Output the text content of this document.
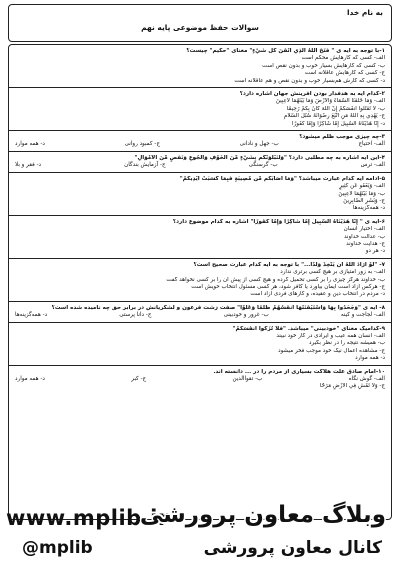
به نام خدا
سوالات حفظ موضوعی پایه نهم
۱-با توجه به آیه ی " فَتَحَ اللَّهُ الَّذِي أَتْقَنَ كُلَّ شَيْءٍ" معنای "حکیم" چیست؟
الف- کسی که کارهایش محکم است
ب- کسی که کارهایش بسیار خوب و بدون نقص است
ج- کسی که کارهایش عاقلانه است
د- کسی که کارش هم‌بسیار خوب و بدون نقص و هم عاقلانه است
۲-کدام آیه به هدفدار بودن آفرینش جهان اشاره دارد؟
الف- وَمَا خَلَقْنَا السَّمَاءَ وَالْأَرْضَ وَمَا بَيْنَهُمَا لَاعِبِينَ
ب- لَا تَقْتُلُوا أَنفُسَكُمْ إِنَّ اللَّهَ كَانَ بِكُمْ رَحِيمًا
ج- يَهْدِي بِهِ اللَّهُ مَنِ اتَّبَعَ رِضْوَانَهُ سُبُلَ السَّلَامِ
د- إِنَّا هَدَيْنَاهُ السَّبِيلَ إِمَّا شَاكِرًا وَإِمَّا كَفُورًا
۳-چه چیزی موجب ظلم میشود؟
الف- احتیاج
ب- جهل و نادانی
ج- کمبود روانی
د- همه موارد
۴-این آیه اشاره به چه مطلبی دارد؟ "وَلَنَبْلُوَنَّكُم بِشَيْءٍ مِّنَ الْخَوْفِ وَالْجُوعِ وَنَقْصٍ مِّنَ الْأَمْوَالِ"
الف- ترس
ب- گرسنگی
ج- آزمایش بندگان
د- فقر و بلا
۵-ادامه آیه کدام عبارت میباشد؟ "وَمَا أَصَابَكُم مِّن مُّصِيبَةٍ فَبِمَا كَسَبَتْ أَيْدِيكُمْ"
الف- وَيَعْفُو عَن كَثِيرٍ
ب- وَمَا بَيْنَهُمَا لَاعِبِينَ
ج- وَبَشِّرِ الصَّابِرِينَ
د- همه‌گزینه‌ها
۶-آیه ی " إِنَّا هَدَيْنَاهُ السَّبِيلَ إِمَّا شَاكِرًا وَإِمَّا كَفُورًا" اشاره به کدام موضوع دارد؟
الف- اختیار انسان
ب- عدالت خداوند
ج- هدایت خداوند
د- هر دو
۷- "لَوْ أَرَادَ اللَّهُ أَن يَتَّخِذَ وَلَدًا..." با توجه به آیه کدام عبارت صحیح است؟
الف- به زور امتیازی بر هیچ کسی برتری ندارد
ب- خداوند هرگز چیزی را بر کسی تحمیل کرده و هیچ کسی از پیش آن را بر کسی نخواهد گفت
ج- هرکس آزاد است ایمان بیاورد یا کافر شود، هر کسی مسئول انتخاب خویش است
د- مردم در انتخاب دین و عقیده، و کارهای فردی آزاد است
۸- آیه ی "وَجَحَدُوا بِهَا وَاسْتَيْقَنَتْهَا أَنفُسُهُمْ ظُلْمًا وَعُلُوًّا" صفت زشت فرعون و لشکریانش در برابر حق چه نامیده شده است؟
الف- لجاجت و کینه
ب- غرور و خودبینی
ج- دانا پرستی
د- همه‌گزینه‌ها
۹-کدامیک معنای "خودبینی" میباشد. "فَلَا تُزَكُّوا أَنفُسَكُمْ"
الف- انسان همه عیب و ایرادی در کار خود نبیند
ب- همیشه نتیجه را در نظر بگیرد
ج- مشاهده اعمال نیک خود موجب فخر میشود
د- همه موارد
۱۰-امام صادق علت هلاکت بسیاری از مردم را در ... دانسته اند.
الف- گوش نگاه
ب- تقوا‌الدین
ج- کبر
د- همه موارد
ج- وَلَا تَمْشِ فِي الْأَرْضِ مَرَحًا
www.mplib.ir
وبلاگ معاون پرورشی
@mplib	کانال معاون پرورشی
